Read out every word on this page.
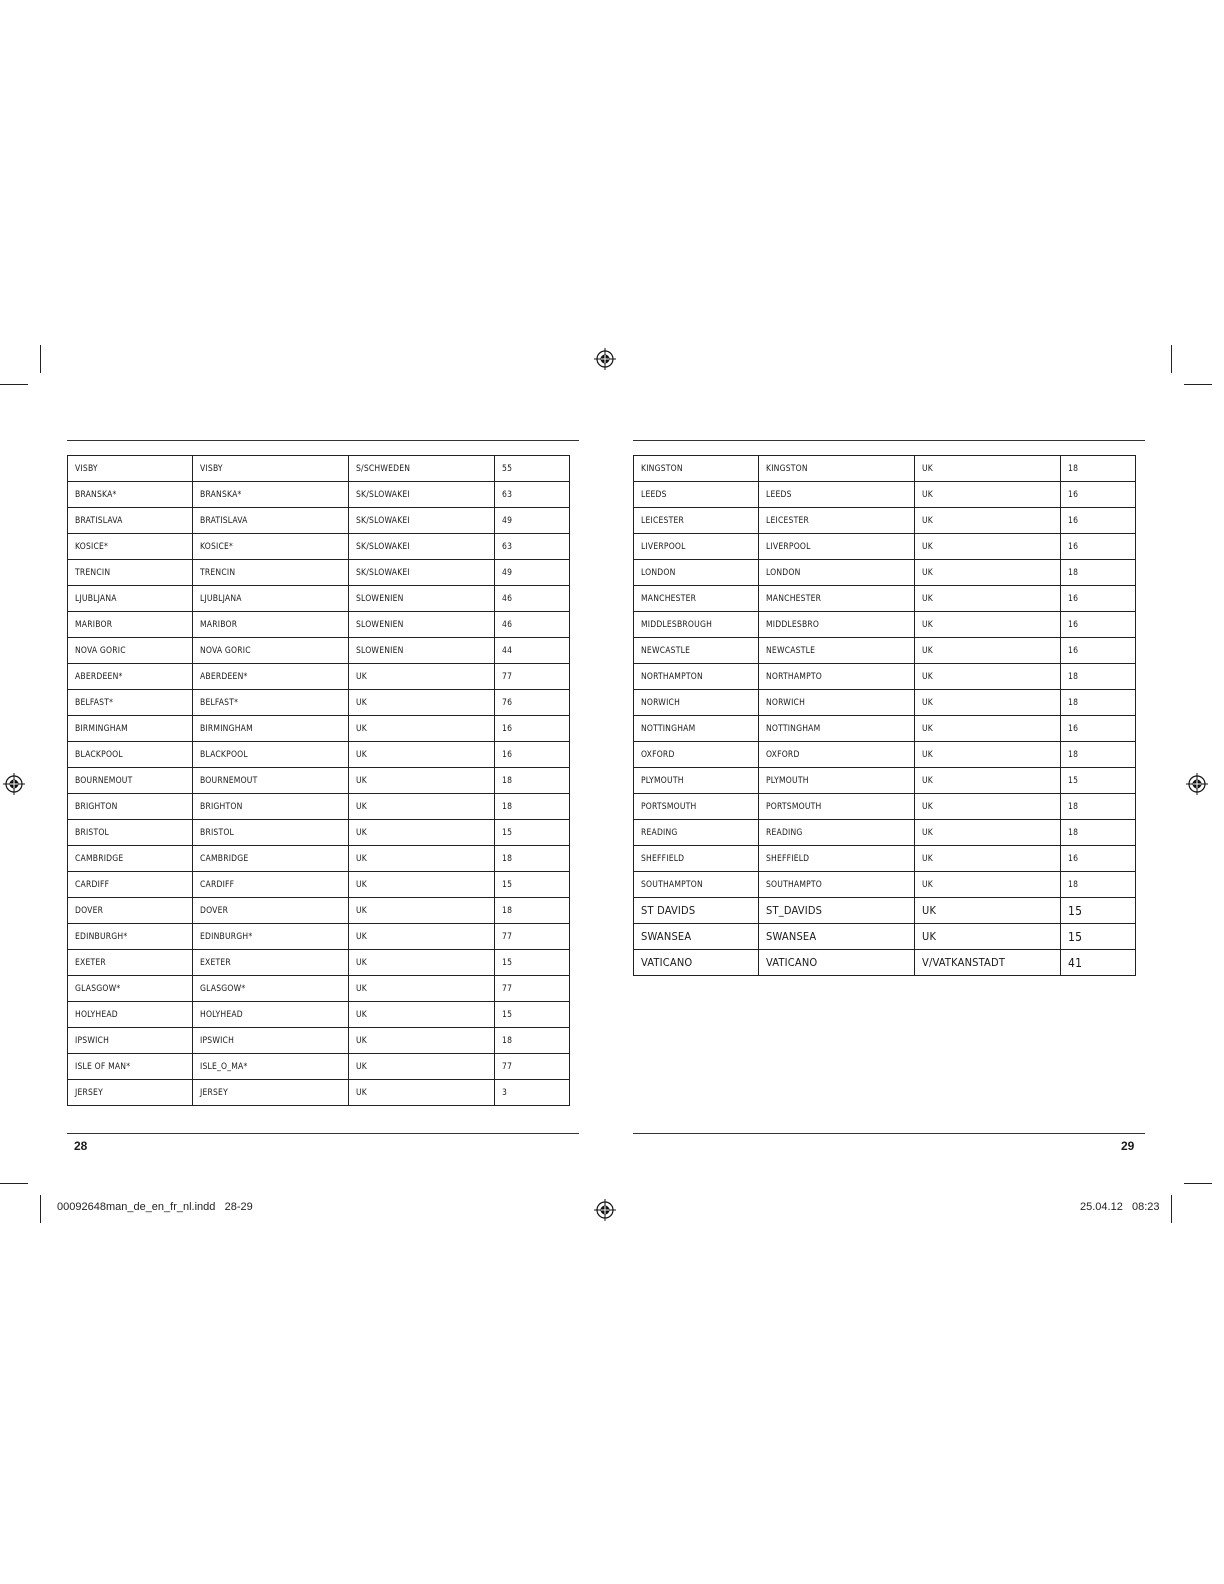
VISBY	VISBY	S/SCHWEDEN	55
BRANSKA*	BRANSKA*	SK/SLOWAKEI	63
BRATISLAVA	BRATISLAVA	SK/SLOWAKEI	49
KOSICE*	KOSICE*	SK/SLOWAKEI	63
TRENCIN	TRENCIN	SK/SLOWAKEI	49
LJUBLJANA	LJUBLJANA	SLOWENIEN	46
MARIBOR	MARIBOR	SLOWENIEN	46
NOVA GORIC	NOVA GORIC	SLOWENIEN	44
ABERDEEN*	ABERDEEN*	UK	77
BELFAST*	BELFAST*	UK	76
BIRMINGHAM	BIRMINGHAM	UK	16
BLACKPOOL	BLACKPOOL	UK	16
BOURNEMOUT	BOURNEMOUT	UK	18
BRIGHTON	BRIGHTON	UK	18
BRISTOL	BRISTOL	UK	15
CAMBRIDGE	CAMBRIDGE	UK	18
CARDIFF	CARDIFF	UK	15
DOVER	DOVER	UK	18
EDINBURGH*	EDINBURGH*	UK	77
EXETER	EXETER	UK	15
GLASGOW*	GLASGOW*	UK	77
HOLYHEAD	HOLYHEAD	UK	15
IPSWICH	IPSWICH	UK	18
ISLE OF MAN*	ISLE_O_MA*	UK	77
JERSEY	JERSEY	UK	3
KINGSTON	KINGSTON	UK	18
LEEDS	LEEDS	UK	16
LEICESTER	LEICESTER	UK	16
LIVERPOOL	LIVERPOOL	UK	16
LONDON	LONDON	UK	18
MANCHESTER	MANCHESTER	UK	16
MIDDLESBROUGH	MIDDLESBRO	UK	16
NEWCASTLE	NEWCASTLE	UK	16
NORTHAMPTON	NORTHAMPTO	UK	18
NORWICH	NORWICH	UK	18
NOTTINGHAM	NOTTINGHAM	UK	16
OXFORD	OXFORD	UK	18
PLYMOUTH	PLYMOUTH	UK	15
PORTSMOUTH	PORTSMOUTH	UK	18
READING	READING	UK	18
SHEFFIELD	SHEFFIELD	UK	16
SOUTHAMPTON	SOUTHAMPTO	UK	18
ST DAVIDS	ST_DAVIDS	UK	15
SWANSEA	SWANSEA	UK	15
VATICANO	VATICANO	V/VATKANSTADT	41
28	29
00092648man_de_en_fr_nl.indd   28-29	25.04.12   08:23
